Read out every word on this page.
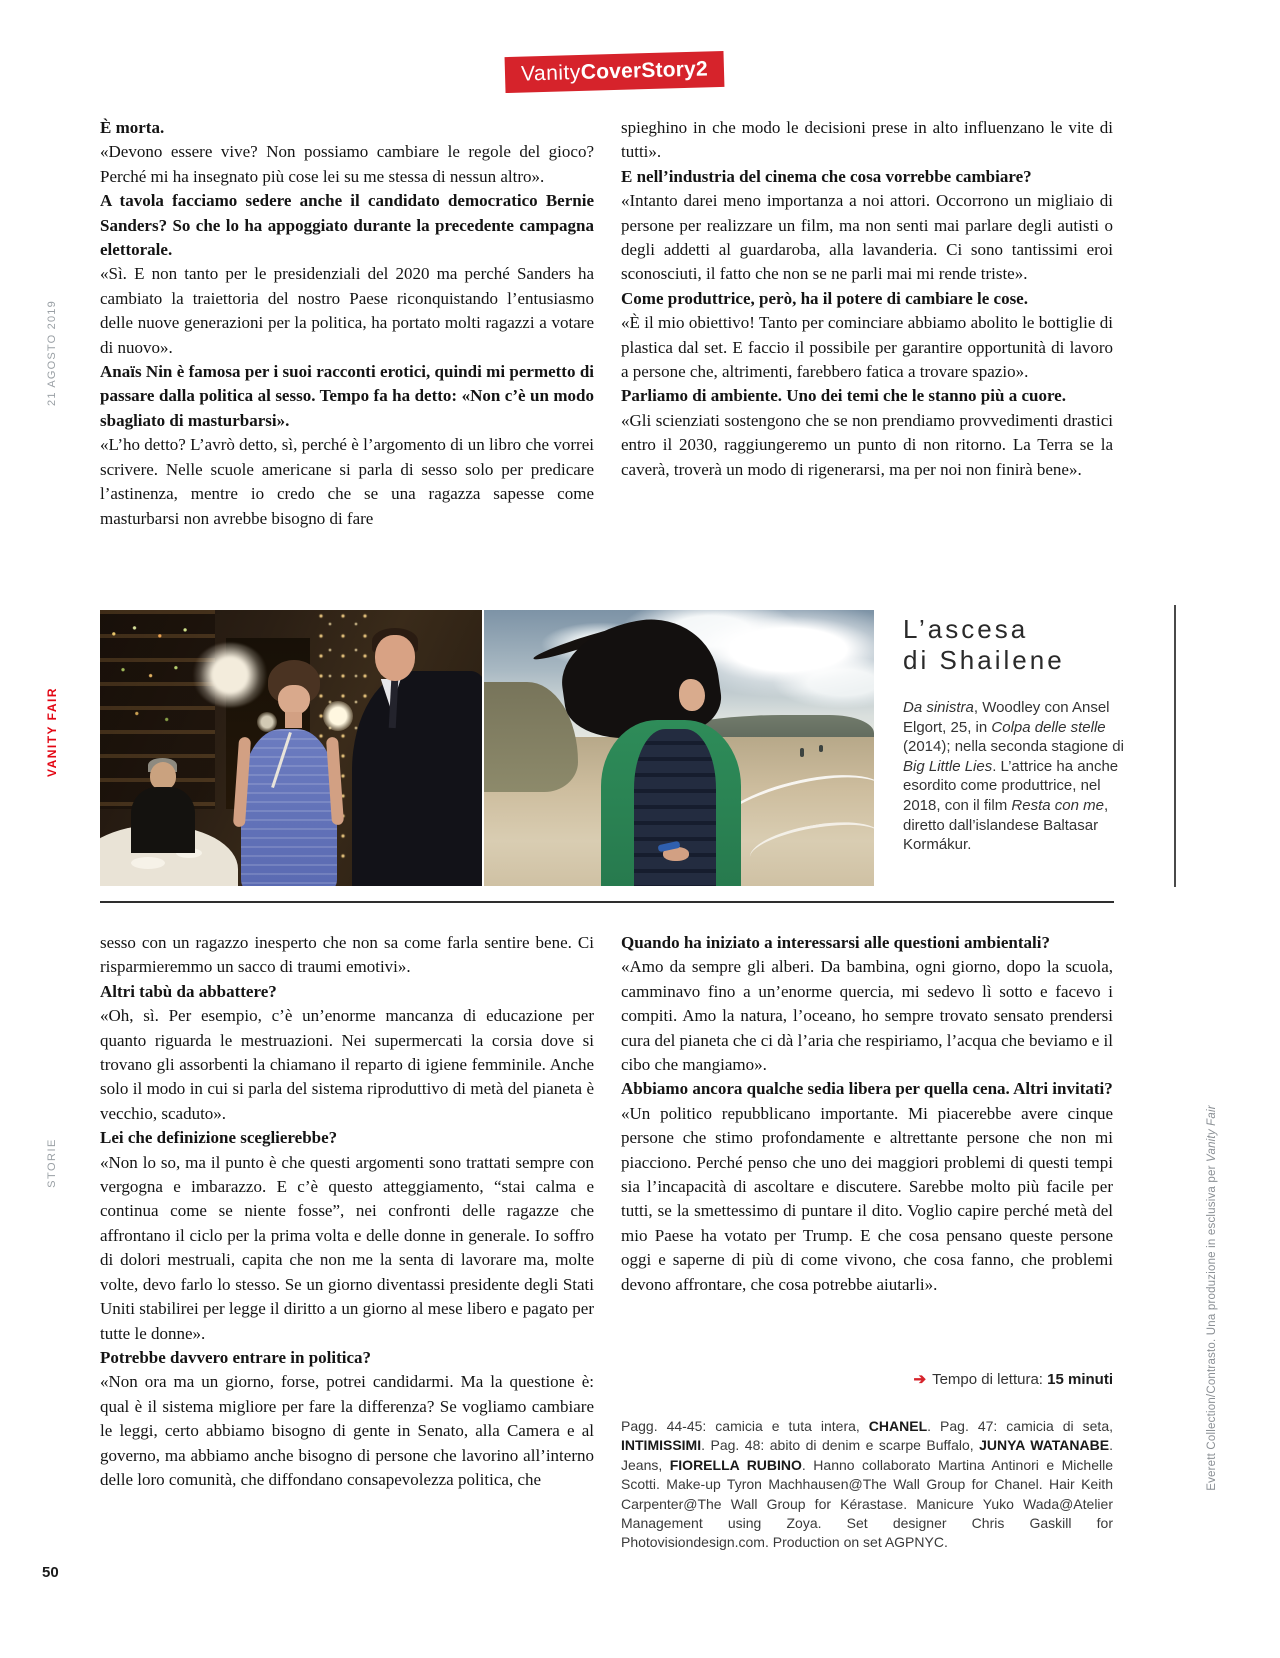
VanityCoverStory2
21 AGOSTO 2019
VANITY FAIR
STORIE	Everett Collection/Contrasto. Una produzione in esclusiva per Vanity Fair
50

È morta.

«Devono essere vive? Non possiamo cambiare le regole del gioco? Perché mi ha insegnato più cose lei su me stessa di nessun altro».

A tavola facciamo sedere anche il candidato democratico Bernie Sanders? So che lo ha appoggiato durante la precedente campagna elettorale.

«Sì. E non tanto per le presidenziali del 2020 ma perché Sanders ha cambiato la traiettoria del nostro Paese riconquistando l’entusiasmo delle nuove generazioni per la politica, ha portato molti ragazzi a votare di nuovo».

Anaïs Nin è famosa per i suoi racconti erotici, quindi mi permetto di passare dalla politica al sesso. Tempo fa ha detto: «Non c’è un modo sbagliato di masturbarsi».

«L’ho detto? L’avrò detto, sì, perché è l’argomento di un libro che vorrei scrivere. Nelle scuole americane si parla di sesso solo per predicare l’astinenza, mentre io credo che se una ragazza sapesse come masturbarsi non avrebbe bisogno di fare

spieghino in che modo le decisioni prese in alto influenzano le vite di tutti».

E nell’industria del cinema che cosa vorrebbe cambiare?

«Intanto darei meno importanza a noi attori. Occorrono un migliaio di persone per realizzare un film, ma non senti mai parlare degli autisti o degli addetti al guardaroba, alla lavanderia. Ci sono tantissimi eroi sconosciuti, il fatto che non se ne parli mai mi rende triste».

Come produttrice, però, ha il potere di cambiare le cose.

«È il mio obiettivo! Tanto per cominciare abbiamo abolito le bottiglie di plastica dal set. E faccio il possibile per garantire opportunità di lavoro a persone che, altrimenti, farebbero fatica a trovare spazio».

Parliamo di ambiente. Uno dei temi che le stanno più a cuore.

«Gli scienziati sostengono che se non prendiamo provvedimenti drastici entro il 2030, raggiungeremo un punto di non ritorno. La Terra se la caverà, troverà un modo di rigenerarsi, ma per noi non finirà bene».

L’ascesa
di Shailene
Da sinistra, Woodley con Ansel Elgort, 25, in Colpa delle stelle (2014); nella seconda stagione di Big Little Lies. L’attrice ha anche esordito come produttrice, nel 2018, con il film Resta con me, diretto dall’islandese Baltasar Kormákur.

sesso con un ragazzo inesperto che non sa come farla sentire bene. Ci risparmieremmo un sacco di traumi emotivi».

Altri tabù da abbattere?

«Oh, sì. Per esempio, c’è un’enorme mancanza di educazione per quanto riguarda le mestruazioni. Nei supermercati la corsia dove si trovano gli assorbenti la chiamano il reparto di igiene femminile. Anche solo il modo in cui si parla del sistema riproduttivo di metà del pianeta è vecchio, scaduto».

Lei che definizione sceglierebbe?

«Non lo so, ma il punto è che questi argomenti sono trattati sempre con vergogna e imbarazzo. E c’è questo atteggiamento, “stai calma e continua come se niente fosse”, nei confronti delle ragazze che affrontano il ciclo per la prima volta e delle donne in generale. Io soffro di dolori mestruali, capita che non me la senta di lavorare ma, molte volte, devo farlo lo stesso. Se un giorno diventassi presidente degli Stati Uniti stabilirei per legge il diritto a un giorno al mese libero e pagato per tutte le donne».

Potrebbe davvero entrare in politica?

«Non ora ma un giorno, forse, potrei candidarmi. Ma la questione è: qual è il sistema migliore per fare la differenza? Se vogliamo cambiare le leggi, certo abbiamo bisogno di gente in Senato, alla Camera e al governo, ma abbiamo anche bisogno di persone che lavorino all’interno delle loro comunità, che diffondano consapevolezza politica, che

Quando ha iniziato a interessarsi alle questioni ambientali?

«Amo da sempre gli alberi. Da bambina, ogni giorno, dopo la scuola, camminavo fino a un’enorme quercia, mi sedevo lì sotto e facevo i compiti. Amo la natura, l’oceano, ho sempre trovato sensato prendersi cura del pianeta che ci dà l’aria che respiriamo, l’acqua che beviamo e il cibo che mangiamo».

Abbiamo ancora qualche sedia libera per quella cena. Altri invitati?

«Un politico repubblicano importante. Mi piacerebbe avere cinque persone che stimo profondamente e altrettante persone che non mi piacciono. Perché penso che uno dei maggiori problemi di questi tempi sia l’incapacità di ascoltare e discutere. Sarebbe molto più facile per tutti, se la smettessimo di puntare il dito. Voglio capire perché metà del mio Paese ha votato per Trump. E che cosa pensano queste persone oggi e saperne di più di come vivono, che cosa fanno, che problemi devono affrontare, che cosa potrebbe aiutarli».

➔ Tempo di lettura: 15 minuti
Pagg. 44-45: camicia e tuta intera, CHANEL. Pag. 47: camicia di seta, INTIMISSIMI. Pag. 48: abito di denim e scarpe Buffalo, JUNYA WATANABE. Jeans, FIORELLA RUBINO. Hanno collaborato Martina Antinori e Michelle Scotti. Make-up Tyron Machhausen@The Wall Group for Chanel. Hair Keith Carpenter@The Wall Group for Kérastase. Manicure Yuko Wada@Atelier Management using Zoya. Set designer Chris Gaskill for Photovisiondesign.com. Production on set AGPNYC.
